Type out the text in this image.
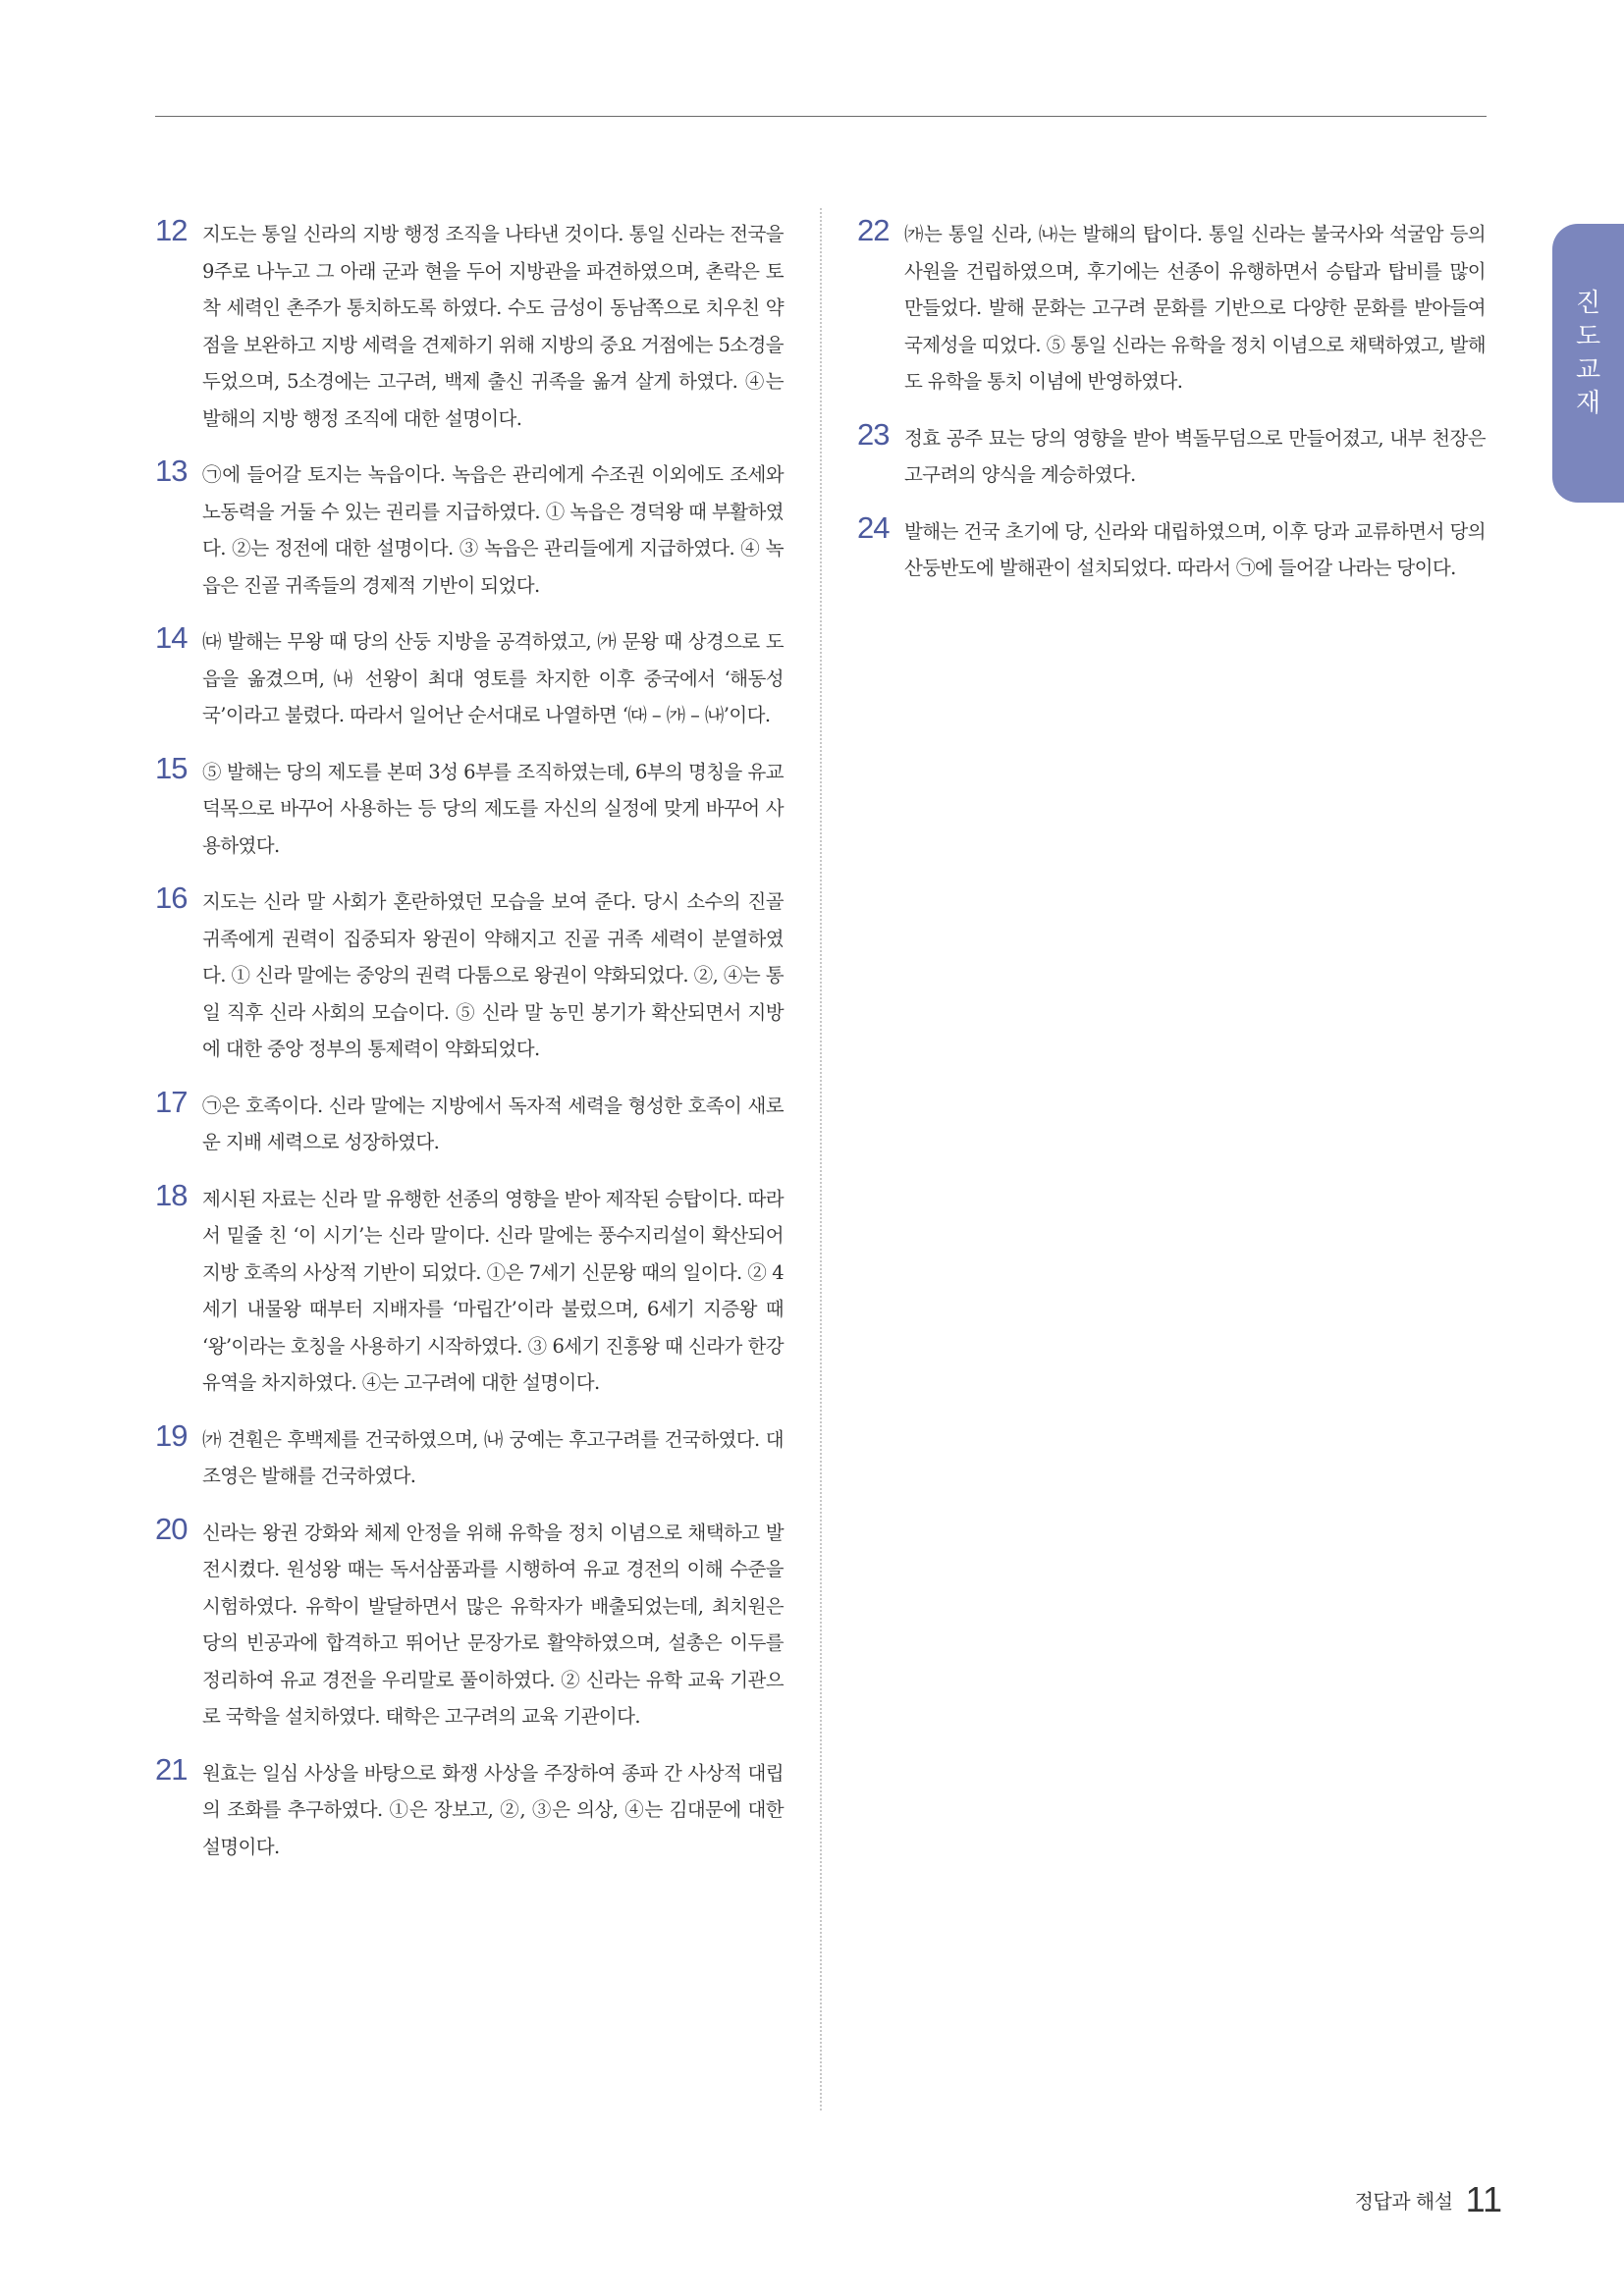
12 지도는 통일 신라의 지방 행정 조직을 나타낸 것이다. 통일 신라는 전국을 9주로 나누고 그 아래 군과 현을 두어 지방관을 파견하였으며, 촌락은 토착 세력인 촌주가 통치하도록 하였다. 수도 금성이 동남쪽으로 치우친 약점을 보완하고 지방 세력을 견제하기 위해 지방의 중요 거점에는 5소경을 두었으며, 5소경에는 고구려, 백제 출신 귀족을 옮겨 살게 하였다. ④는 발해의 지방 행정 조직에 대한 설명이다.

13 ㉠에 들어갈 토지는 녹읍이다. 녹읍은 관리에게 수조권 이외에도 조세와 노동력을 거둘 수 있는 권리를 지급하였다. ① 녹읍은 경덕왕 때 부활하였다. ②는 정전에 대한 설명이다. ③ 녹읍은 관리들에게 지급하였다. ④ 녹읍은 진골 귀족들의 경제적 기반이 되었다.

14 ㈐ 발해는 무왕 때 당의 산둥 지방을 공격하였고, ㈎ 문왕 때 상경으로 도읍을 옮겼으며, ㈏ 선왕이 최대 영토를 차지한 이후 중국에서 ‘해동성국’이라고 불렸다. 따라서 일어난 순서대로 나열하면 ‘㈐ – ㈎ – ㈏’이다.

15 ⑤ 발해는 당의 제도를 본떠 3성 6부를 조직하였는데, 6부의 명칭을 유교 덕목으로 바꾸어 사용하는 등 당의 제도를 자신의 실정에 맞게 바꾸어 사용하였다.

16 지도는 신라 말 사회가 혼란하였던 모습을 보여 준다. 당시 소수의 진골 귀족에게 권력이 집중되자 왕권이 약해지고 진골 귀족 세력이 분열하였다. ① 신라 말에는 중앙의 권력 다툼으로 왕권이 약화되었다. ②, ④는 통일 직후 신라 사회의 모습이다. ⑤ 신라 말 농민 봉기가 확산되면서 지방에 대한 중앙 정부의 통제력이 약화되었다.

17 ㉠은 호족이다. 신라 말에는 지방에서 독자적 세력을 형성한 호족이 새로운 지배 세력으로 성장하였다.

18 제시된 자료는 신라 말 유행한 선종의 영향을 받아 제작된 승탑이다. 따라서 밑줄 친 ‘이 시기’는 신라 말이다. 신라 말에는 풍수지리설이 확산되어 지방 호족의 사상적 기반이 되었다. ①은 7세기 신문왕 때의 일이다. ② 4세기 내물왕 때부터 지배자를 ‘마립간’이라 불렀으며, 6세기 지증왕 때 ‘왕’이라는 호칭을 사용하기 시작하였다. ③ 6세기 진흥왕 때 신라가 한강 유역을 차지하였다. ④는 고구려에 대한 설명이다.

19 ㈎ 견훤은 후백제를 건국하였으며, ㈏ 궁예는 후고구려를 건국하였다. 대조영은 발해를 건국하였다.

20 신라는 왕권 강화와 체제 안정을 위해 유학을 정치 이념으로 채택하고 발전시켰다. 원성왕 때는 독서삼품과를 시행하여 유교 경전의 이해 수준을 시험하였다. 유학이 발달하면서 많은 유학자가 배출되었는데, 최치원은 당의 빈공과에 합격하고 뛰어난 문장가로 활약하였으며, 설총은 이두를 정리하여 유교 경전을 우리말로 풀이하였다. ② 신라는 유학 교육 기관으로 국학을 설치하였다. 태학은 고구려의 교육 기관이다.

21 원효는 일심 사상을 바탕으로 화쟁 사상을 주장하여 종파 간 사상적 대립의 조화를 추구하였다. ①은 장보고, ②, ③은 의상, ④는 김대문에 대한 설명이다.

22 ㈎는 통일 신라, ㈏는 발해의 탑이다. 통일 신라는 불국사와 석굴암 등의 사원을 건립하였으며, 후기에는 선종이 유행하면서 승탑과 탑비를 많이 만들었다. 발해 문화는 고구려 문화를 기반으로 다양한 문화를 받아들여 국제성을 띠었다. ⑤ 통일 신라는 유학을 정치 이념으로 채택하였고, 발해도 유학을 통치 이념에 반영하였다.

23 정효 공주 묘는 당의 영향을 받아 벽돌무덤으로 만들어졌고, 내부 천장은 고구려의 양식을 계승하였다.

24 발해는 건국 초기에 당, 신라와 대립하였으며, 이후 당과 교류하면서 당의 산둥반도에 발해관이 설치되었다. 따라서 ㉠에 들어갈 나라는 당이다.

진도 교재
정답과 해설 11
